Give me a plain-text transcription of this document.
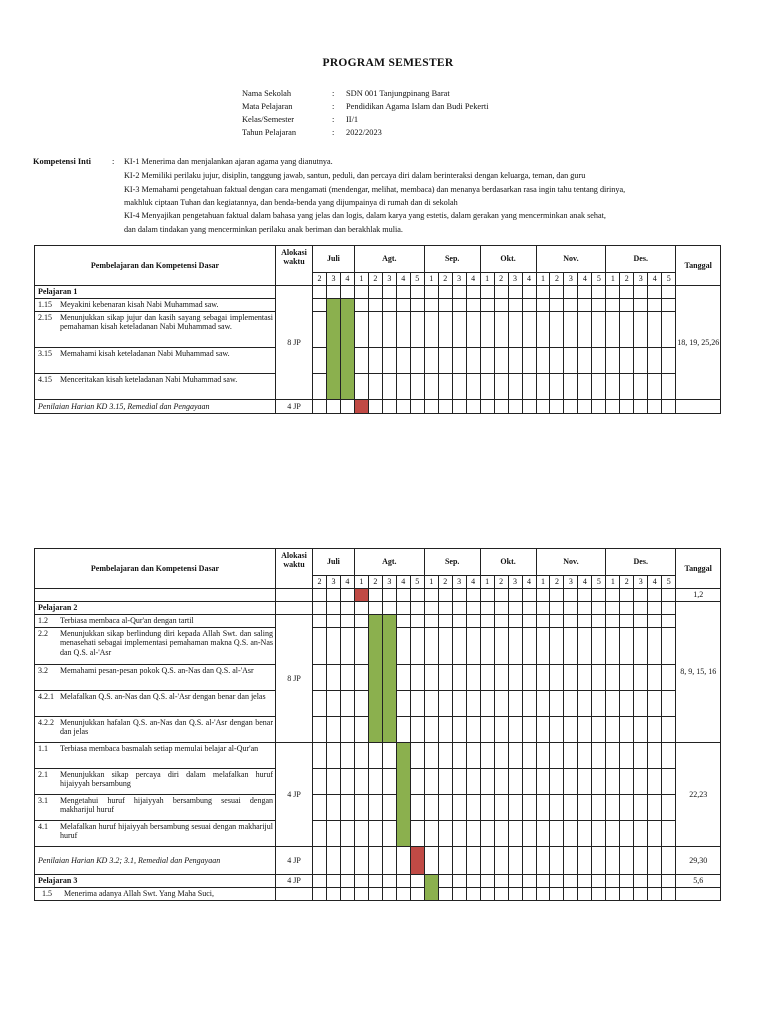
PROGRAM SEMESTER
Nama Sekolah	: SDN 001 Tanjungpinang Barat
Mata Pelajaran	: Pendidikan Agama Islam dan Budi Pekerti
Kelas/Semester	: II/1
Tahun Pelajaran	: 2022/2023
Kompetensi Inti	: KI-1 Menerima dan menjalankan ajaran agama yang dianutnya.
KI-2 Memiliki perilaku jujur, disiplin, tanggung jawab, santun, peduli, dan percaya diri dalam berinteraksi dengan keluarga, teman, dan guru
KI-3 Memahami pengetahuan faktual dengan cara mengamati (mendengar, melihat, membaca) dan menanya berdasarkan rasa ingin tahu tentang dirinya,
makhluk ciptaan Tuhan dan kegiatannya, dan benda-benda yang dijumpainya di rumah dan di sekolah
KI-4 Menyajikan pengetahuan faktual dalam bahasa yang jelas dan logis, dalam karya yang estetis, dalam gerakan yang mencerminkan anak sehat,
dan dalam tindakan yang mencerminkan perilaku anak beriman dan berakhlak mulia.
Pembelajaran dan Kompetensi Dasar	Alokasi waktu	Juli			Agt.					Sep.				Okt.				Nov.					Des.					Tanggal
		2	3	4	1	2	3	4	5	1	2	3	4	1	2	3	4	1	2	3	4	5	1	2	3	4	5	
Pelajaran 1	8 JP																											18, 19, 25,26

1.15 Meyakini kebenaran kisah Nabi Muhammad saw.																												

2.15 Menunjukkan sikap jujur dan kasih sayang sebagai implementasi pemahaman kisah keteladanan Nabi Muhammad saw.																												

3.15 Memahami kisah keteladanan Nabi Muhammad saw.																												

4.15 Menceritakan kisah keteladanan Nabi Muhammad saw.																												

Penilaian Harian KD 3.15, Remedial dan Pengayaan	4 JP																											
Pembelajaran dan Kompetensi Dasar	Alokasi waktu	Juli			Agt.					Sep.				Okt.				Nov.					Des.					Tanggal
		2	3	4	1	2	3	4	5	1	2	3	4	1	2	3	4	1	2	3	4	5	1	2	3	4	5	
																												1,2
Pelajaran 2																												8, 9, 15, 16

1.2 Terbiasa membaca al-Qur'an dengan tartil	8 JP																											

2.2 Menunjukkan sikap berlindung diri kepada Allah Swt. dan saling menasehati sebagai implementasi pemahaman makna Q.S. an-Nas dan Q.S. al-'Asr																												

3.2 Memahami pesan-pesan pokok Q.S. an-Nas dan Q.S. al-'Asr																												

4.2.1 Melafalkan Q.S. an-Nas dan Q.S. al-'Asr dengan benar dan jelas																												

4.2.2 Menunjukkan hafalan Q.S. an-Nas dan Q.S. al-'Asr dengan benar dan jelas																												

1.1 Terbiasa membaca basmalah setiap memulai belajar al-Qur'an	4 JP																											22,23

2.1 Menunjukkan sikap percaya diri dalam melafalkan huruf hijaiyyah bersambung																												

3.1 Mengetahui huruf hijaiyyah bersambung sesuai dengan makharijul huruf																												

4.1 Melafalkan huruf hijaiyyah bersambung sesuai dengan makharijul huruf																												

Penilaian Harian KD 3.2; 3.1, Remedial dan Pengayaan	4 JP																											29,30
Pelajaran 3	4 JP																											5,6

1.5 Menerima adanya Allah Swt. Yang Maha Suci,																												
